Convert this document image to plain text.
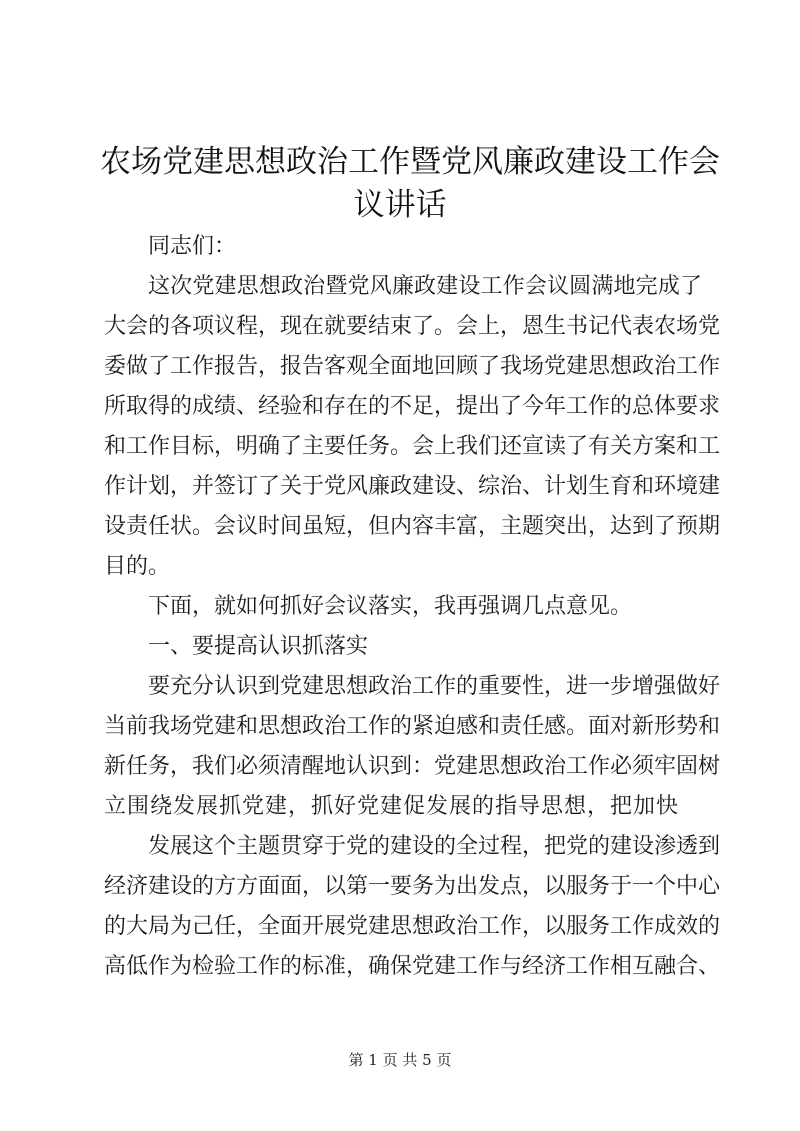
农场党建思想政治工作暨党风廉政建设工作会
议讲话

同志们：

这次党建思想政治暨党风廉政建设工作会议圆满地完成了

大会的各项议程，现在就要结束了。会上，恩生书记代表农场党

委做了工作报告，报告客观全面地回顾了我场党建思想政治工作

所取得的成绩、经验和存在的不足，提出了今年工作的总体要求

和工作目标，明确了主要任务。会上我们还宣读了有关方案和工

作计划，并签订了关于党风廉政建设、综治、计划生育和环境建

设责任状。会议时间虽短，但内容丰富，主题突出，达到了预期

目的。

下面，就如何抓好会议落实，我再强调几点意见。

一、要提高认识抓落实

要充分认识到党建思想政治工作的重要性，进一步增强做好

当前我场党建和思想政治工作的紧迫感和责任感。面对新形势和

新任务，我们必须清醒地认识到：党建思想政治工作必须牢固树

立围绕发展抓党建，抓好党建促发展的指导思想，把加快

发展这个主题贯穿于党的建设的全过程，把党的建设渗透到

经济建设的方方面面，以第一要务为出发点，以服务于一个中心

的大局为己任，全面开展党建思想政治工作，以服务工作成效的

高低作为检验工作的标准，确保党建工作与经济工作相互融合、

第 1 页 共 5 页
